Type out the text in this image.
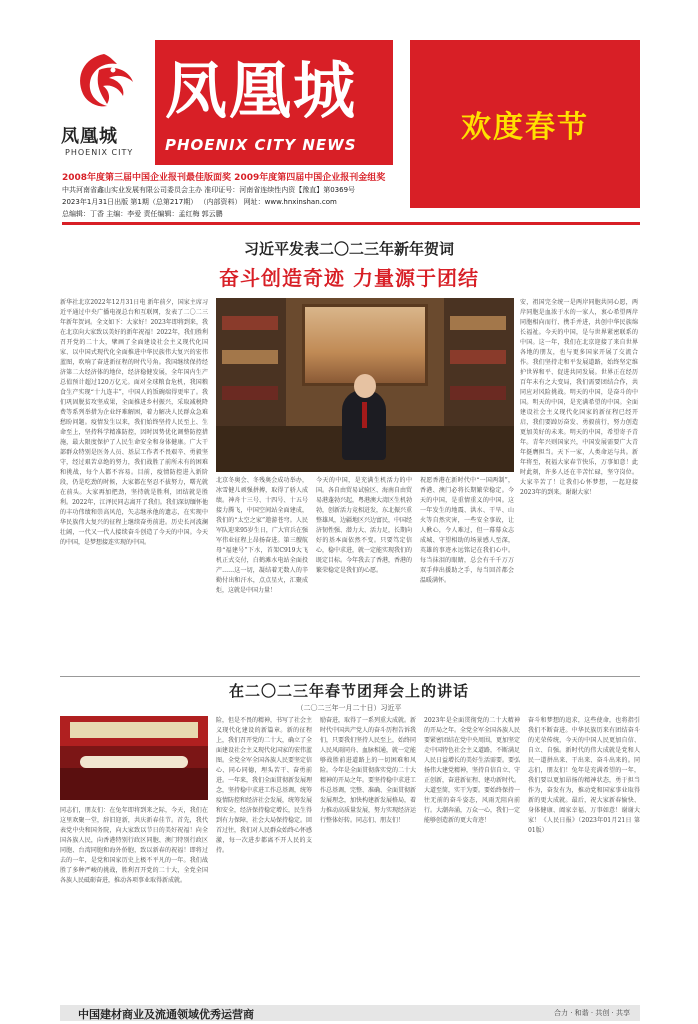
凤凰城
PHOENIX CITY
凤凰城
PHOENIX CITY NEWS	欢度春节
2008年度第三届中国企业报刊最佳版面奖 2009年度第四届中国企业报刊金组奖
中共河南省鑫山实业发展有限公司委员会主办 准印证号：河南省连续性内资【豫直】第0369号
2023年1月31日出版 第1期（总第217期） （内部资料） 网址：www.hnxinshan.com
总编辑：丁香 主编：李爱 责任编辑：孟红梅 郭云鹏
习近平发表二〇二三年新年贺词
奋斗创造奇迹 力量源于团结
新华社北京2022年12月31日电 新年前夕，国家主席习近平通过中央广播电视总台和互联网，发表了二〇二三年新年贺词。全文如下：大家好！2023年即将到来，我在北京向大家致以美好的新年祝福！2022年，我们胜利召开党的二十大，擘画了全面建设社会主义现代化国家、以中国式现代化全面推进中华民族伟大复兴的宏伟蓝图，吹响了奋进新征程的时代号角。我国继续保持经济第二大经济体的地位，经济稳健发展，全年国内生产总值预计超过120万亿元。面对全球粮食危机，我国粮食生产实现“十九连丰”，中国人的饭碗端得更牢了。我们巩固脱贫攻坚成果，全面推进乡村振兴，采取减税降费等系列举措为企业纾难解困，着力解决人民群众急难愁盼问题。疫情发生以来，我们始终坚持人民至上、生命至上，坚持科学精准防控，因时因势优化调整防控措施，最大限度保护了人民生命安全和身体健康。广大干部群众特别是医务人员、基层工作者不畏艰辛、勇毅坚守，经过艰苦卓绝的努力，我们战胜了前所未有的困难和挑战，每个人都不容易。目前，疫情防控进入新阶段，仍是吃劲的时候，大家都在坚忍不拔努力，曙光就在前头。大家再加把劲，坚持就是胜利，团结就是胜利。2022年，江泽民同志离开了我们。我们深切缅怀他的丰功伟绩和崇高风范，矢志继承他的遗志，在实现中华民族伟大复兴的征程上继续奋勇前进。历史长河波澜壮阔，一代又一代人接续奋斗创造了今天的中国。今天的中国，是梦想接连实现的中国。
北京冬奥会、冬残奥会成功举办，冰雪健儿顽强拼搏，取得了骄人成绩。神舟十三号、十四号、十五号接力腾飞，中国空间站全面建成，我们的“太空之家”遨游苍穹。人民军队迎来95岁生日，广大官兵在强军伟业征程上昂扬奋进。第三艘航母“福建号”下水，首架C919大飞机正式交付，白鹤滩水电站全面投产……这一切，凝结着无数人的辛勤付出和汗水，点点星火，汇聚成炬，这就是中国力量！
今天的中国，是充满生机活力的中国。各自由贸易试验区、海南自由贸易港蓬勃兴起，粤港澳大湾区生机勃勃，创新活力竞相迸发，东北振兴重整雄风，边疆地区兴边富民，中国经济韧性强、潜力大、活力足，长期向好的基本面依然不变。只要笃定信心，稳中求进，就一定能实现我们的既定目标。今年我去了香港，香港的繁荣稳定是我们的心愿。
祝愿香港在新时代中“一国两制”，香港、澳门必将长期繁荣稳定。今天的中国，是重情重义的中国。这一年发生的地震、洪水、干旱、山火等自然灾害，一些安全事故，让人揪心，令人难过，但一幕幕众志成城、守望相助的场景感人至深，英雄的事迹永远铭记在我们心中。每当抹泪的眼睛，总会有千千万万双手伸出援助之手，每当回首都会温暖满怀。
安，祖国完全统一是两岸同胞共同心愿，两岸同胞是血浓于水的一家人，衷心希望两岸同胞相向而行、携手并进，共创中华民族绵长福祉。今天的中国，是与世界紧密联系的中国。这一年，我们在北京迎接了来自世界各地的朋友，也与更多国家开展了交流合作。我们坚持走和平发展道路，始终坚定维护世界和平、促进共同发展。世界正在经历百年未有之大变局，我们需要团结合作，共同应对风险挑战。明天的中国，是奋斗的中国。明天的中国，是充满希望的中国。全面建设社会主义现代化国家的新征程已经开启，我们要踔厉奋发、勇毅前行，努力创造更加美好的未来。明天的中国，希望寄予青年。青年兴则国家兴，中国发展需要广大青年挺膺担当。天下一家，人类命运与共。新年将至，祝福大家春节快乐，万事如意！此时此刻，许多人还在辛苦忙碌，坚守岗位。大家辛苦了！让我们心怀梦想，一起迎接2023年的到来。谢谢大家！
在二〇二三年春节团拜会上的讲话
（二〇二三年一月二十日）习近平
同志们，朋友们：在兔年即将到来之际，今天，我们在这里欢聚一堂，辞旧迎新，共庆新春佳节。首先，我代表党中央和国务院，向大家致以节日的美好祝福！向全国各族人民，向香港特别行政区同胞、澳门特别行政区同胞、台湾同胞和海外侨胞，致以新春的祝福！即将过去的一年，是党和国家历史上极不平凡的一年。我们战胜了多种严峻的挑战，胜利召开党的二十大，全党全国各族人民砥砺奋进，推动各项事业取得新成就。
险，但是不畏的精神，书写了社会主义现代化建设的新篇章。新的征程上，我们召开党的二十大，确立了全面建设社会主义现代化国家的宏伟蓝图。全党全军全国各族人民要坚定信心、同心同德，埋头苦干、奋勇前进。一年来，我们全面贯彻新发展理念，坚持稳中求进工作总基调，统筹疫情防控和经济社会发展，统筹发展和安全，经济保持稳定增长，民生得到有力保障，社会大局保持稳定。回首过往，我们对人民群众始终心怀感激，每一次进步都离不开人民的支持。
励奋进，取得了一系列重大成就。新时代中国共产党人的奋斗历程告诉我们，只要我们坚持人民至上，始终同人民风雨同舟、血脉相通，就一定能够战胜前进道路上的一切困难和风险。今年是全面贯彻落实党的二十大精神的开局之年。要坚持稳中求进工作总基调，完整、准确、全面贯彻新发展理念，加快构建新发展格局，着力推动高质量发展，努力实现经济运行整体好转。同志们、朋友们！
2023年是全面贯彻党的二十大精神的开局之年。全党全军全国各族人民要紧密团结在党中央周围，更加坚定走中国特色社会主义道路，不断满足人民日益增长的美好生活需要。要弘扬伟大建党精神，坚持自信自立、守正创新，奋进新征程、建功新时代。大道至简，实干为要。要始终保持一往无前的奋斗姿态，风雨无阻向前行。大潮奔涌，万众一心，我们一定能够创造新的更大奇迹！
奋斗和梦想的追求，这些使命，也将指引我们不断奋进。中华民族历来有团结奋斗的光荣传统，今天的中国人民更加自信、自立、自强。新时代的伟大成就是党和人民一道拼出来、干出来、奋斗出来的。同志们，朋友们！兔年是充满希望的一年，我们要以更加昂扬的精神状态，勇于担当作为，奋发有为，推动党和国家事业取得新的更大成就。最后，祝大家新春愉快、身体健康、阖家幸福、万事如意！谢谢大家！《人民日报》（2023年01月21日 第01版）
中国建材商业及流通领域优秀运营商	合力 · 和谐 · 共创 · 共享
